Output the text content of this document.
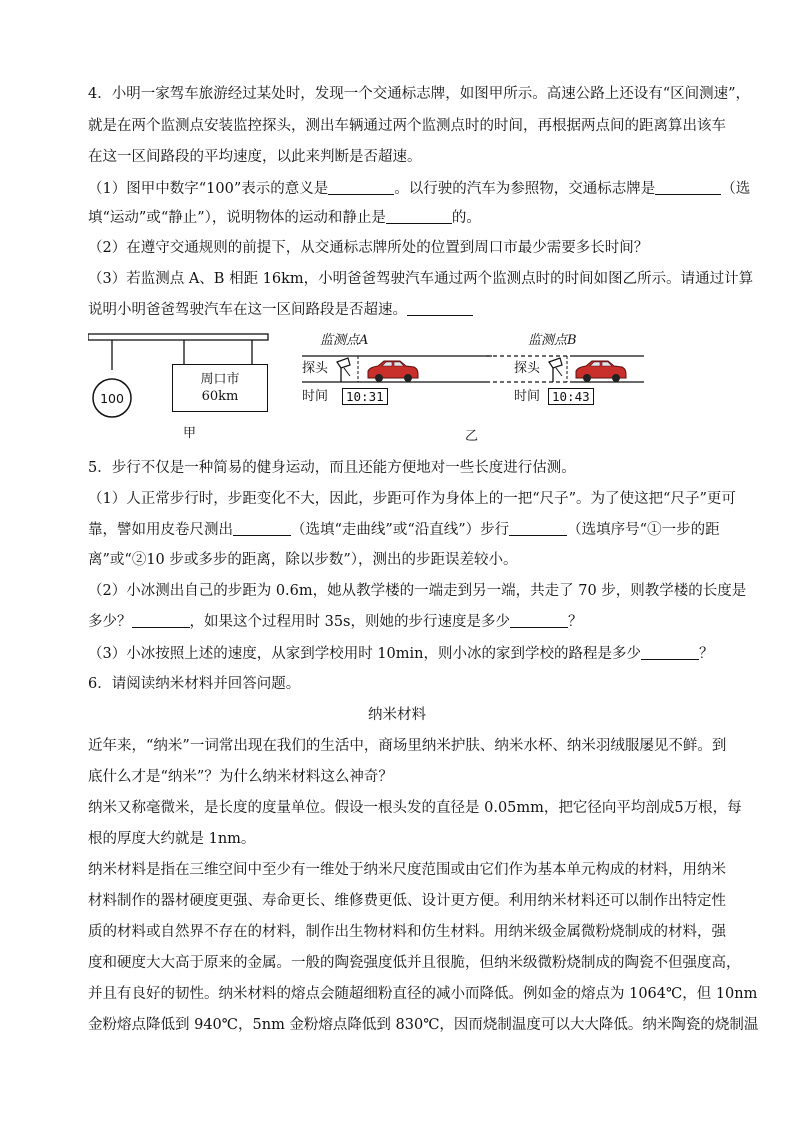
4．小明一家驾车旅游经过某处时，发现一个交通标志牌，如图甲所示。高速公路上还设有“区间测速”，
就是在两个监测点安装监控探头，测出车辆通过两个监测点时的时间，再根据两点间的距离算出该车
在这一区间路段的平均速度，以此来判断是否超速。
（1）图甲中数字“100”表示的意义是	。以行驶的汽车为参照物，交通标志牌是	（选
填“运动”或“静止”），说明物体的运动和静止是	的。
（2）在遵守交通规则的前提下，从交通标志牌所处的位置到周口市最少需要多长时间？
（3）若监测点 A、B 相距 16km，小明爸爸驾驶汽车通过两个监测点时的时间如图乙所示。请通过计算
说明小明爸爸驾驶汽车在这一区间路段是否超速。
100
周口市
60km
甲
监测点A	监测点B
探头	探头
时间	10:31	时间 10:43
乙
5．步行不仅是一种简易的健身运动，而且还能方便地对一些长度进行估测。
（1）人正常步行时，步距变化不大，因此，步距可作为身体上的一把“尺子”。为了使这把“尺子”更可
靠，譬如用皮卷尺测出	（选填“走曲线”或“沿直线”）步行	（选填序号“①一步的距
离”或“②10 步或多步的距离，除以步数”），测出的步距误差较小。
（2）小冰测出自己的步距为 0.6m，她从教学楼的一端走到另一端，共走了 70 步，则教学楼的长度是
多少？	，如果这个过程用时 35s，则她的步行速度是多少	？
（3）小冰按照上述的速度，从家到学校用时 10min，则小冰的家到学校的路程是多少	？
6．请阅读纳米材料并回答问题。
纳米材料
近年来，“纳米”一词常出现在我们的生活中，商场里纳米护肤、纳米水杯、纳米羽绒服屡见不鲜。到
底什么才是“纳米”？为什么纳米材料这么神奇？
纳米又称毫微米，是长度的度量单位。假设一根头发的直径是 0.05mm，把它径向平均剖成5万根，每
根的厚度大约就是 1nm。
纳米材料是指在三维空间中至少有一维处于纳米尺度范围或由它们作为基本单元构成的材料，用纳米
材料制作的器材硬度更强、寿命更长、维修费更低、设计更方便。利用纳米材料还可以制作出特定性
质的材料或自然界不存在的材料，制作出生物材料和仿生材料。用纳米级金属微粉烧制成的材料，强
度和硬度大大高于原来的金属。一般的陶瓷强度低并且很脆，但纳米级微粉烧制成的陶瓷不但强度高，
并且有良好的韧性。纳米材料的熔点会随超细粉直径的减小而降低。例如金的熔点为 1064℃，但 10nm
金粉熔点降低到 940℃，5nm 金粉熔点降低到 830℃，因而烧制温度可以大大降低。纳米陶瓷的烧制温
